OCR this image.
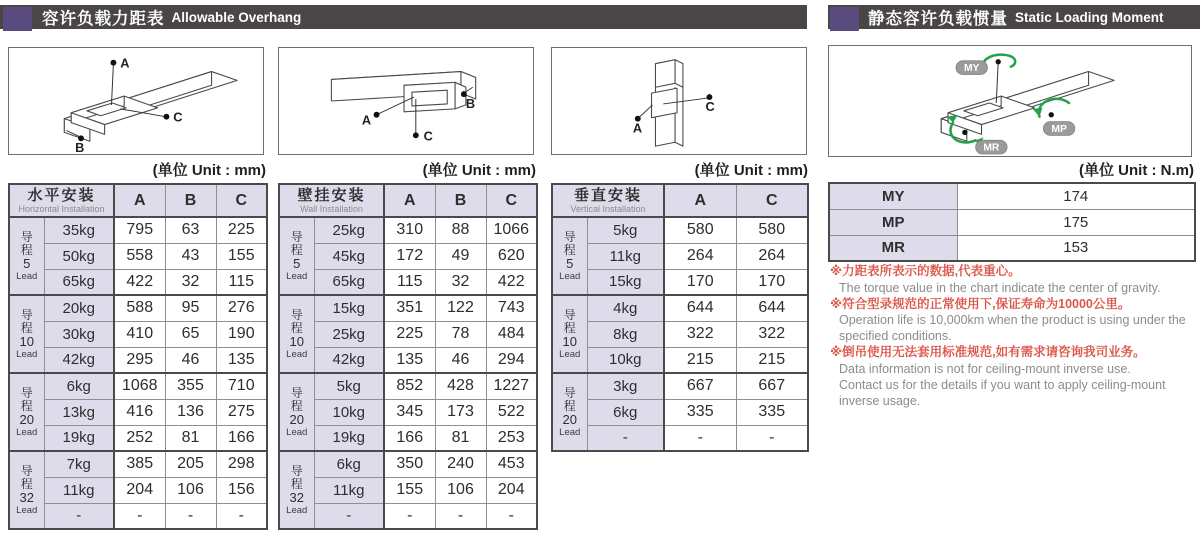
容许负载力距表 Allowable Overhang	静态容许负载惯量 Static Loading Moment
A
B
C	A
B
C
A
C
MY
MP
MR
(单位 Unit : mm)	(单位 Unit : mm)	(单位 Unit : mm)	(单位 Unit : N.m)
水平安装
Horizontal Installation		A	B	C

导
程
5
Lead	35kg	795	63	225
	50kg	558	43	155
	65kg	422	32	115

导
程
10
Lead	20kg	588	95	276
	30kg	410	65	190
	42kg	295	46	135

导
程
20
Lead	6kg	1068	355	710
	13kg	416	136	275
	19kg	252	81	166

导
程
32
Lead	7kg	385	205	298
	11kg	204	106	156
	-	-	-	-
壁挂安装
Wall Installation		A	B	C

导
程
5
Lead	25kg	310	88	1066
	45kg	172	49	620
	65kg	115	32	422

导
程
10
Lead	15kg	351	122	743
	25kg	225	78	484
	42kg	135	46	294

导
程
20
Lead	5kg	852	428	1227
	10kg	345	173	522
	19kg	166	81	253

导
程
32
Lead	6kg	350	240	453
	11kg	155	106	204
	-	-	-	-
垂直安装
Vertical Installation		A	C

导
程
5
Lead	5kg	580	580
	11kg	264	264
	15kg	170	170

导
程
10
Lead	4kg	644	644
	8kg	322	322
	10kg	215	215

导
程
20
Lead	3kg	667	667
	6kg	335	335
	-	-	-
MY	174
MP	175
MR	153
※力距表所表示的数据,代表重心。
The torque value in the chart indicate the center of gravity.
※符合型录规范的正常使用下,保证寿命为10000公里。
Operation life is 10,000km when the product is using under the
specified conditions.
※倒吊使用无法套用标准规范,如有需求请咨询我司业务。
Data information is not for ceiling-mount inverse use.
Contact us for the details if you want to apply ceiling-mount
inverse usage.
